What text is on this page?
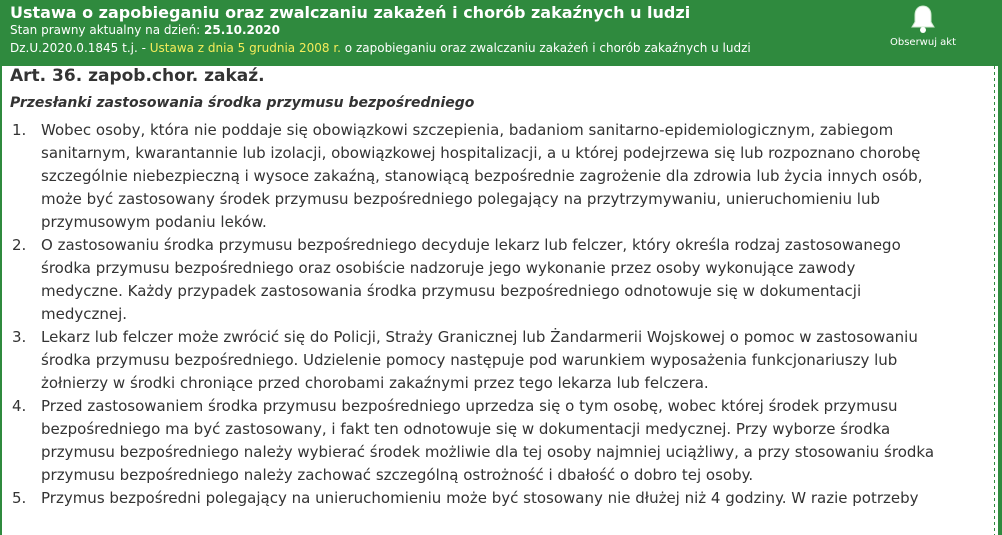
Ustawa o zapobieganiu oraz zwalczaniu zakażeń i chorób zakaźnych u ludzi
Stan prawny aktualny na dzień: 25.10.2020
Dz.U.2020.0.1845 t.j. - Ustawa z dnia 5 grudnia 2008 r. o zapobieganiu oraz zwalczaniu zakażeń i chorób zakaźnych u ludzi	Obserwuj akt
Art. 36. zapob.chor. zakaź.
Przesłanki zastosowania środka przymusu bezpośredniego
1. Wobec osoby, która nie poddaje się obowiązkowi szczepienia, badaniom sanitarno-epidemiologicznym, zabiegom
sanitarnym, kwarantannie lub izolacji, obowiązkowej hospitalizacji, a u której podejrzewa się lub rozpoznano chorobę
szczególnie niebezpieczną i wysoce zakaźną, stanowiącą bezpośrednie zagrożenie dla zdrowia lub życia innych osób,
może być zastosowany środek przymusu bezpośredniego polegający na przytrzymywaniu, unieruchomieniu lub
przymusowym podaniu leków.
2. O zastosowaniu środka przymusu bezpośredniego decyduje lekarz lub felczer, który określa rodzaj zastosowanego
środka przymusu bezpośredniego oraz osobiście nadzoruje jego wykonanie przez osoby wykonujące zawody
medyczne. Każdy przypadek zastosowania środka przymusu bezpośredniego odnotowuje się w dokumentacji
medycznej.
3. Lekarz lub felczer może zwrócić się do Policji, Straży Granicznej lub Żandarmerii Wojskowej o pomoc w zastosowaniu
środka przymusu bezpośredniego. Udzielenie pomocy następuje pod warunkiem wyposażenia funkcjonariuszy lub
żołnierzy w środki chroniące przed chorobami zakaźnymi przez tego lekarza lub felczera.
4. Przed zastosowaniem środka przymusu bezpośredniego uprzedza się o tym osobę, wobec której środek przymusu
bezpośredniego ma być zastosowany, i fakt ten odnotowuje się w dokumentacji medycznej. Przy wyborze środka
przymusu bezpośredniego należy wybierać środek możliwie dla tej osoby najmniej uciążliwy, a przy stosowaniu środka
przymusu bezpośredniego należy zachować szczególną ostrożność i dbałość o dobro tej osoby.
5. Przymus bezpośredni polegający na unieruchomieniu może być stosowany nie dłużej niż 4 godziny. W razie potrzeby
